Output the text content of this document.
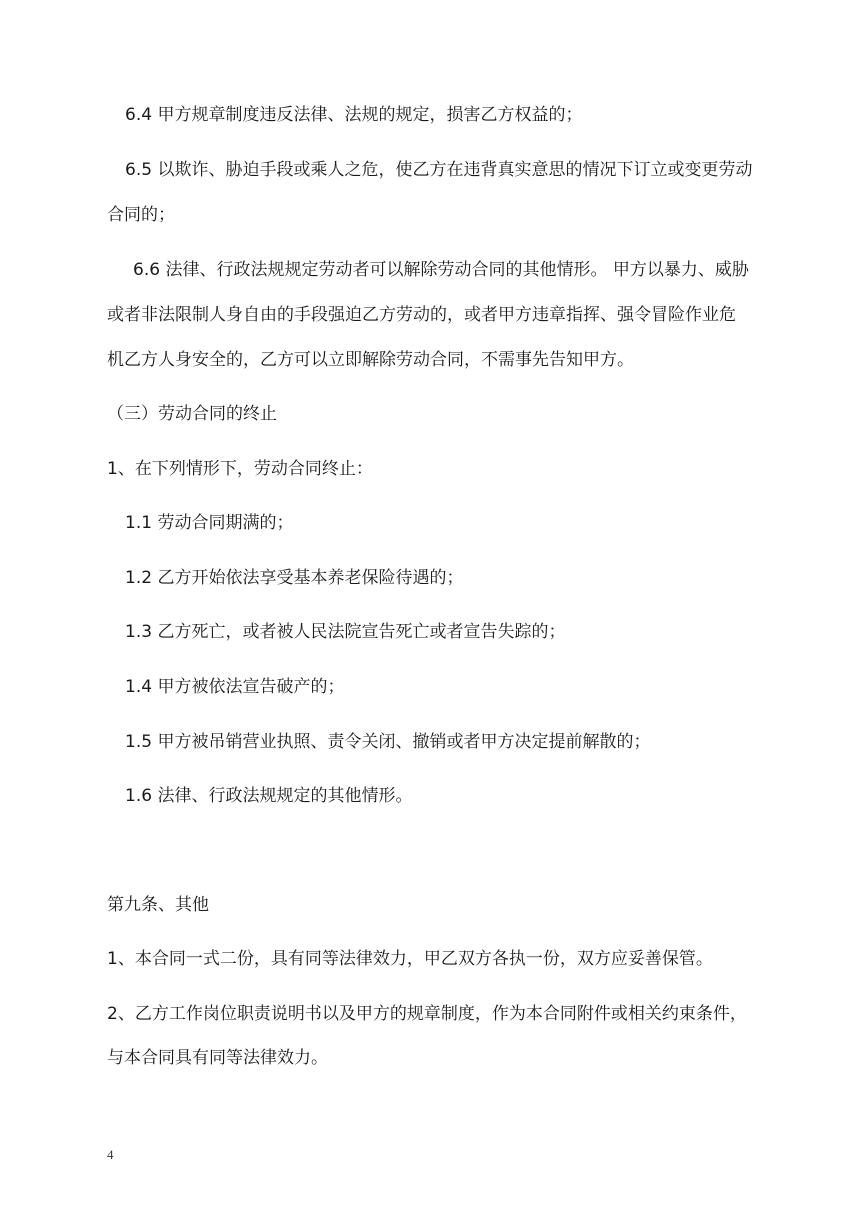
6.4 甲方规章制度违反法律、法规的规定，损害乙方权益的；
6.5 以欺诈、胁迫手段或乘人之危，使乙方在违背真实意思的情况下订立或变更劳动
合同的；
6.6 法律、行政法规规定劳动者可以解除劳动合同的其他情形。 甲方以暴力、威胁
或者非法限制人身自由的手段强迫乙方劳动的，或者甲方违章指挥、强令冒险作业危
机乙方人身安全的，乙方可以立即解除劳动合同，不需事先告知甲方。
（三）劳动合同的终止
1、在下列情形下，劳动合同终止：
1.1 劳动合同期满的；
1.2 乙方开始依法享受基本养老保险待遇的；
1.3 乙方死亡，或者被人民法院宣告死亡或者宣告失踪的；
1.4 甲方被依法宣告破产的；
1.5 甲方被吊销营业执照、责令关闭、撤销或者甲方决定提前解散的；
1.6 法律、行政法规规定的其他情形。
第九条、其他
1、本合同一式二份，具有同等法律效力，甲乙双方各执一份，双方应妥善保管。
2、乙方工作岗位职责说明书以及甲方的规章制度，作为本合同附件或相关约束条件，
与本合同具有同等法律效力。
4
